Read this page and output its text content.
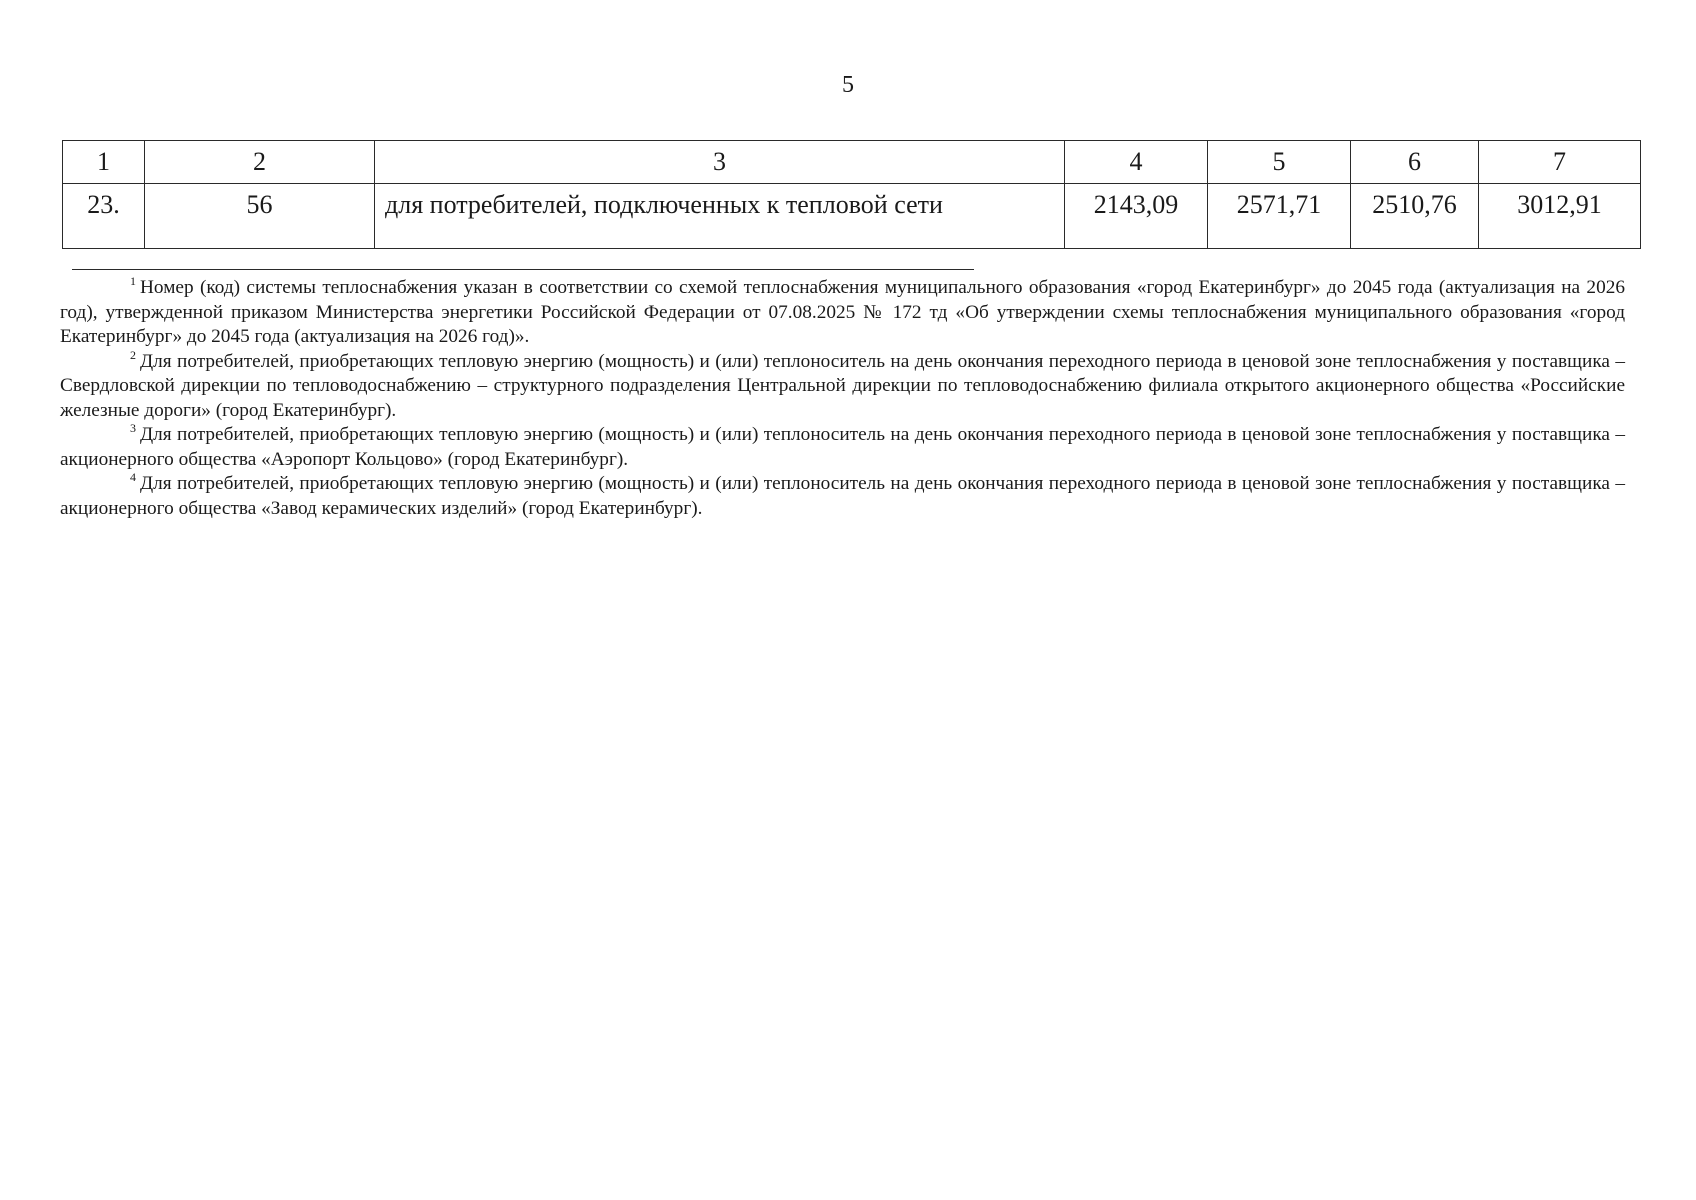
5
1	2	3	4	5	6	7
23.	56	для потребителей, подключенных к тепловой сети	2143,09	2571,71	2510,76	3012,91

$^1$ Номер (код) системы теплоснабжения указан в соответствии со схемой теплоснабжения муниципального образования «город Екатеринбург» до 2045 года (актуализация на 2026 год), утвержденной приказом Министерства энергетики Российской Федерации от 07.08.2025 № 172 тд «Об утверждении схемы теплоснабжения муниципального образования «город Екатеринбург» до 2045 года (актуализация на 2026 год)».

$^2$ Для потребителей, приобретающих тепловую энергию (мощность) и (или) теплоноситель на день окончания переходного периода в ценовой зоне теплоснабжения у поставщика – Свердловской дирекции по тепловодоснабжению – структурного подразделения Центральной дирекции по тепловодоснабжению филиала открытого акционерного общества «Российские железные дороги» (город Екатеринбург).

$^3$ Для потребителей, приобретающих тепловую энергию (мощность) и (или) теплоноситель на день окончания переходного периода в ценовой зоне теплоснабжения у поставщика – акционерного общества «Аэропорт Кольцово» (город Екатеринбург).

$^4$ Для потребителей, приобретающих тепловую энергию (мощность) и (или) теплоноситель на день окончания переходного периода в ценовой зоне теплоснабжения у поставщика – акционерного общества «Завод керамических изделий» (город Екатеринбург).
